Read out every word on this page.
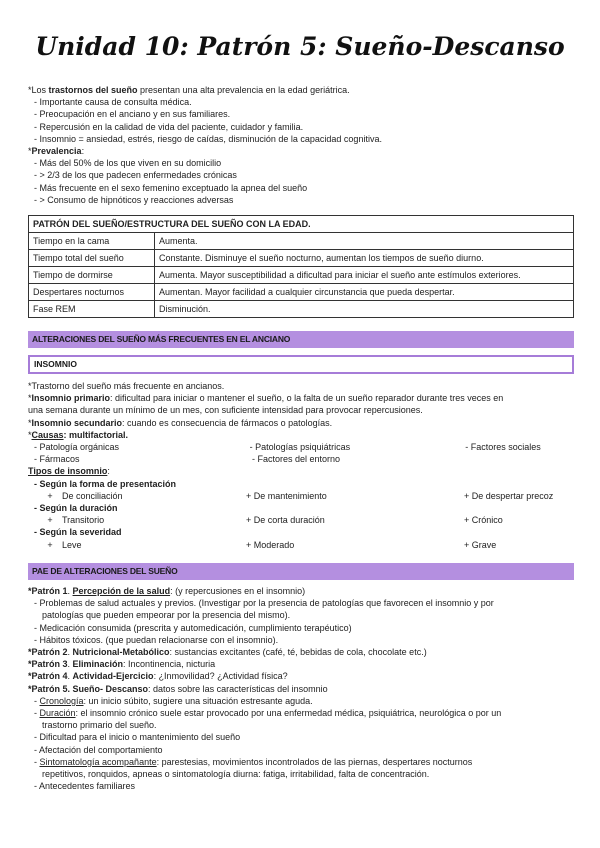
Unidad 10: Patrón 5: Sueño-Descanso
*Los trastornos del sueño presentan una alta prevalencia en la edad geriátrica.
- Importante causa de consulta médica.
- Preocupación en el anciano y en sus familiares.
- Repercusión en la calidad de vida del paciente, cuidador y familia.
- Insomnio = ansiedad, estrés, riesgo de caídas, disminución de la capacidad cognitiva.
*Prevalencia:
- Más del 50% de los que viven en su domicilio
- > 2/3 de los que padecen enfermedades crónicas
- Más frecuente en el sexo femenino exceptuado la apnea del sueño
- > Consumo de hipnóticos y reacciones adversas
PATRÓN DEL SUEÑO/ESTRUCTURA DEL SUEÑO CON LA EDAD.	
Tiempo en la cama	Aumenta.
Tiempo total del sueño	Constante. Disminuye el sueño nocturno, aumentan los tiempos de sueño diurno.
Tiempo de dormirse	Aumenta. Mayor susceptibilidad a dificultad para iniciar el sueño ante estímulos exteriores.
Despertares nocturnos	Aumentan. Mayor facilidad a cualquier circunstancia que pueda despertar.
Fase REM	Disminución.
ALTERACIONES DEL SUEÑO MÁS FRECUENTES EN EL ANCIANO
INSOMNIO
*Trastorno del sueño más frecuente en ancianos.
*Insomnio primario: dificultad para iniciar o mantener el sueño, o la falta de un sueño reparador durante tres veces en
una semana durante un mínimo de un mes, con suficiente intensidad para provocar repercusiones.
*Insomnio secundario: cuando es consecuencia de fármacos o patologías.
*Causas: multifactorial.
- Patología orgánicas	- Patologías psiquiátricas	- Factores sociales
- Fármacos	- Factores del entorno
Tipos de insomnio:
- Según la forma de presentación
+ De conciliación	+ De mantenimiento	+ De despertar precoz
- Según la duración
+ Transitorio	+ De corta duración	+ Crónico
- Según la severidad
+ Leve	+ Moderado	+ Grave
PAE DE ALTERACIONES DEL SUEÑO
*Patrón 1. Percepción de la salud: (y repercusiones en el insomnio)
- Problemas de salud actuales y previos. (Investigar por la presencia de patologías que favorecen el insomnio y por
patologías que pueden empeorar por la presencia del mismo).
- Medicación consumida (prescrita y automedicación, cumplimiento terapéutico)
- Hábitos tóxicos. (que puedan relacionarse con el insomnio).
*Patrón 2. Nutricional-Metabólico: sustancias excitantes (café, té, bebidas de cola, chocolate etc.)
*Patrón 3. Eliminación: Incontinencia, nicturia
*Patrón 4. Actividad-Ejercicio: ¿Inmovilidad? ¿Actividad física?
*Patrón 5. Sueño- Descanso: datos sobre las características del insomnio
- Cronología: un inicio súbito, sugiere una situación estresante aguda.
- Duración: el insomnio crónico suele estar provocado por una enfermedad médica, psiquiátrica, neurológica o por un
trastorno primario del sueño.
- Dificultad para el inicio o mantenimiento del sueño
- Afectación del comportamiento
- Sintomatología acompañante: parestesias, movimientos incontrolados de las piernas, despertares nocturnos
repetitivos, ronquidos, apneas o sintomatología diurna: fatiga, irritabilidad, falta de concentración.
- Antecedentes familiares
